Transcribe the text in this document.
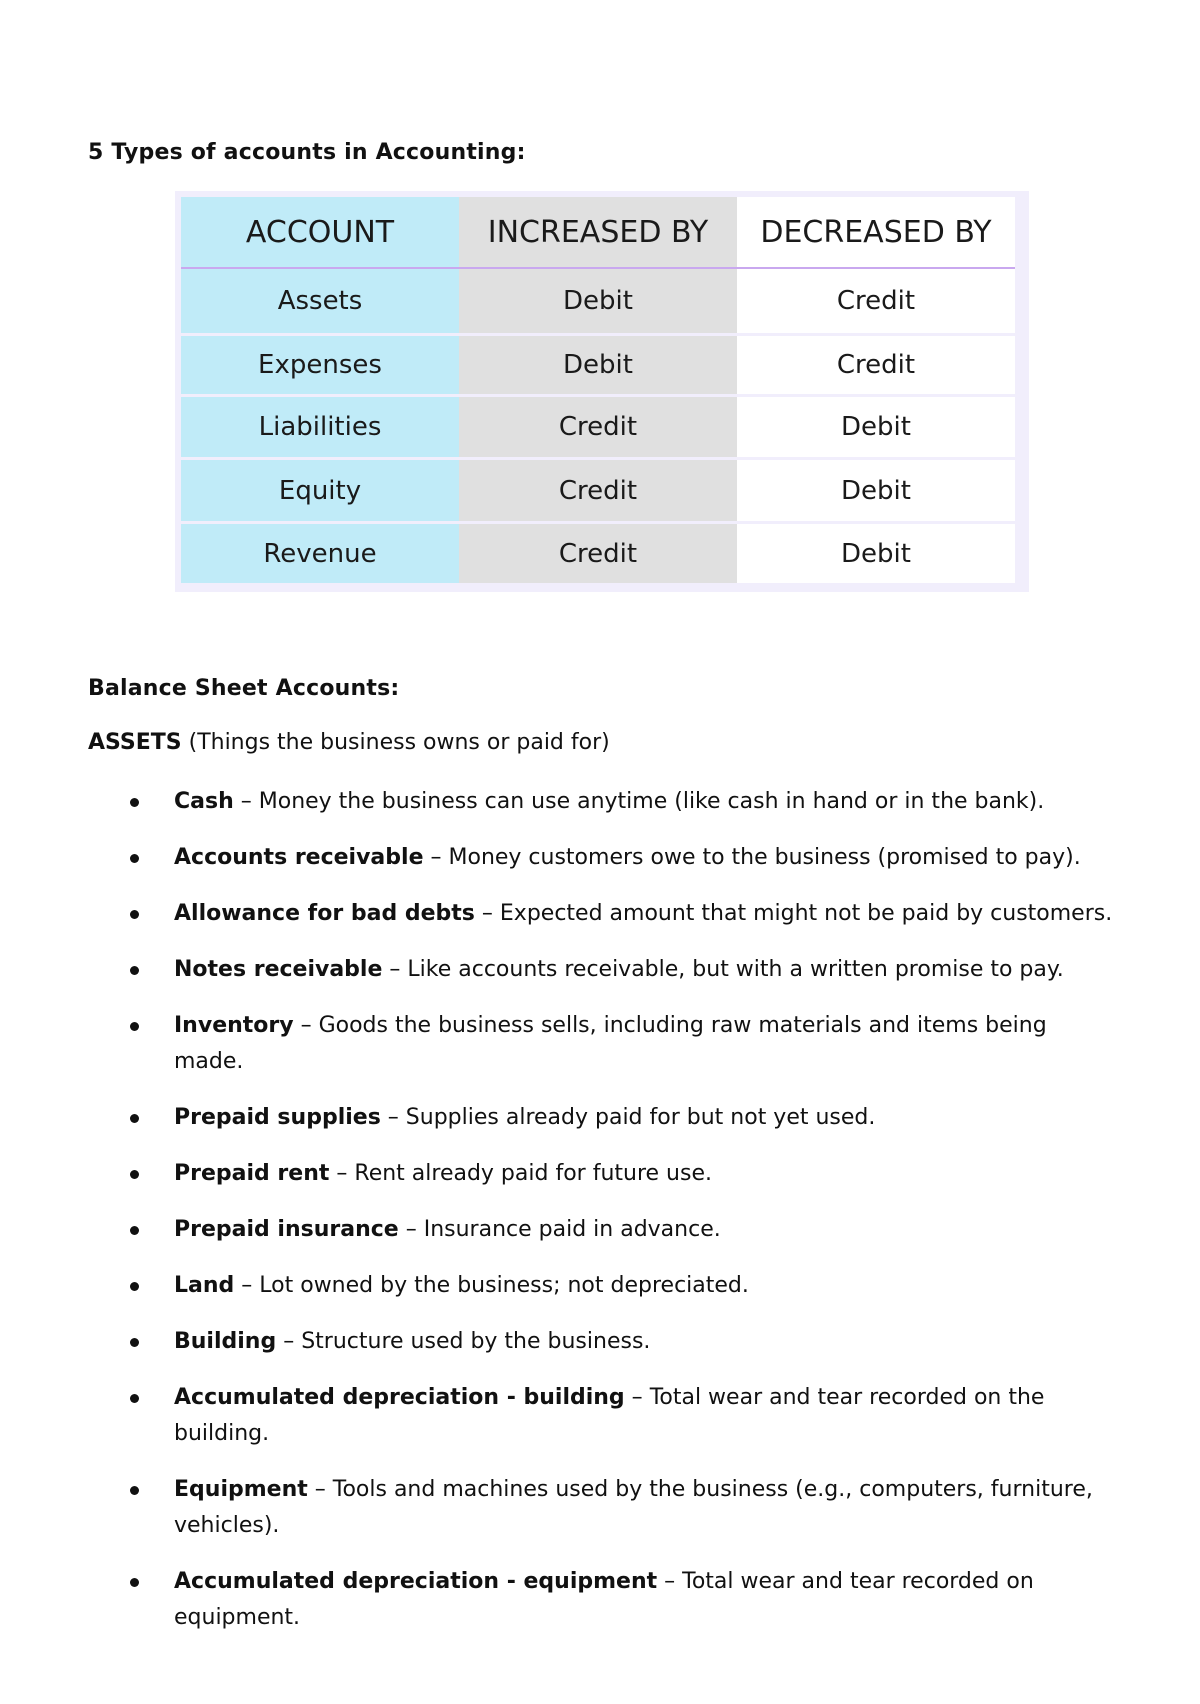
5 Types of accounts in Accounting:
ACCOUNT	INCREASED BY	DECREASED BY
Assets	Debit	Credit
Expenses	Debit	Credit
Liabilities	Credit	Debit
Equity	Credit	Debit
Revenue	Credit	Debit
Balance Sheet Accounts:
ASSETS (Things the business owns or paid for)
Cash – Money the business can use anytime (like cash in hand or in the bank).
Accounts receivable – Money customers owe to the business (promised to pay).
Allowance for bad debts – Expected amount that might not be paid by customers.
Notes receivable – Like accounts receivable, but with a written promise to pay.
Inventory – Goods the business sells, including raw materials and items being made.
Prepaid supplies – Supplies already paid for but not yet used.
Prepaid rent – Rent already paid for future use.
Prepaid insurance – Insurance paid in advance.
Land – Lot owned by the business; not depreciated.
Building – Structure used by the business.
Accumulated depreciation - building – Total wear and tear recorded on the building.
Equipment – Tools and machines used by the business (e.g., computers, furniture, vehicles).
Accumulated depreciation - equipment – Total wear and tear recorded on equipment.
